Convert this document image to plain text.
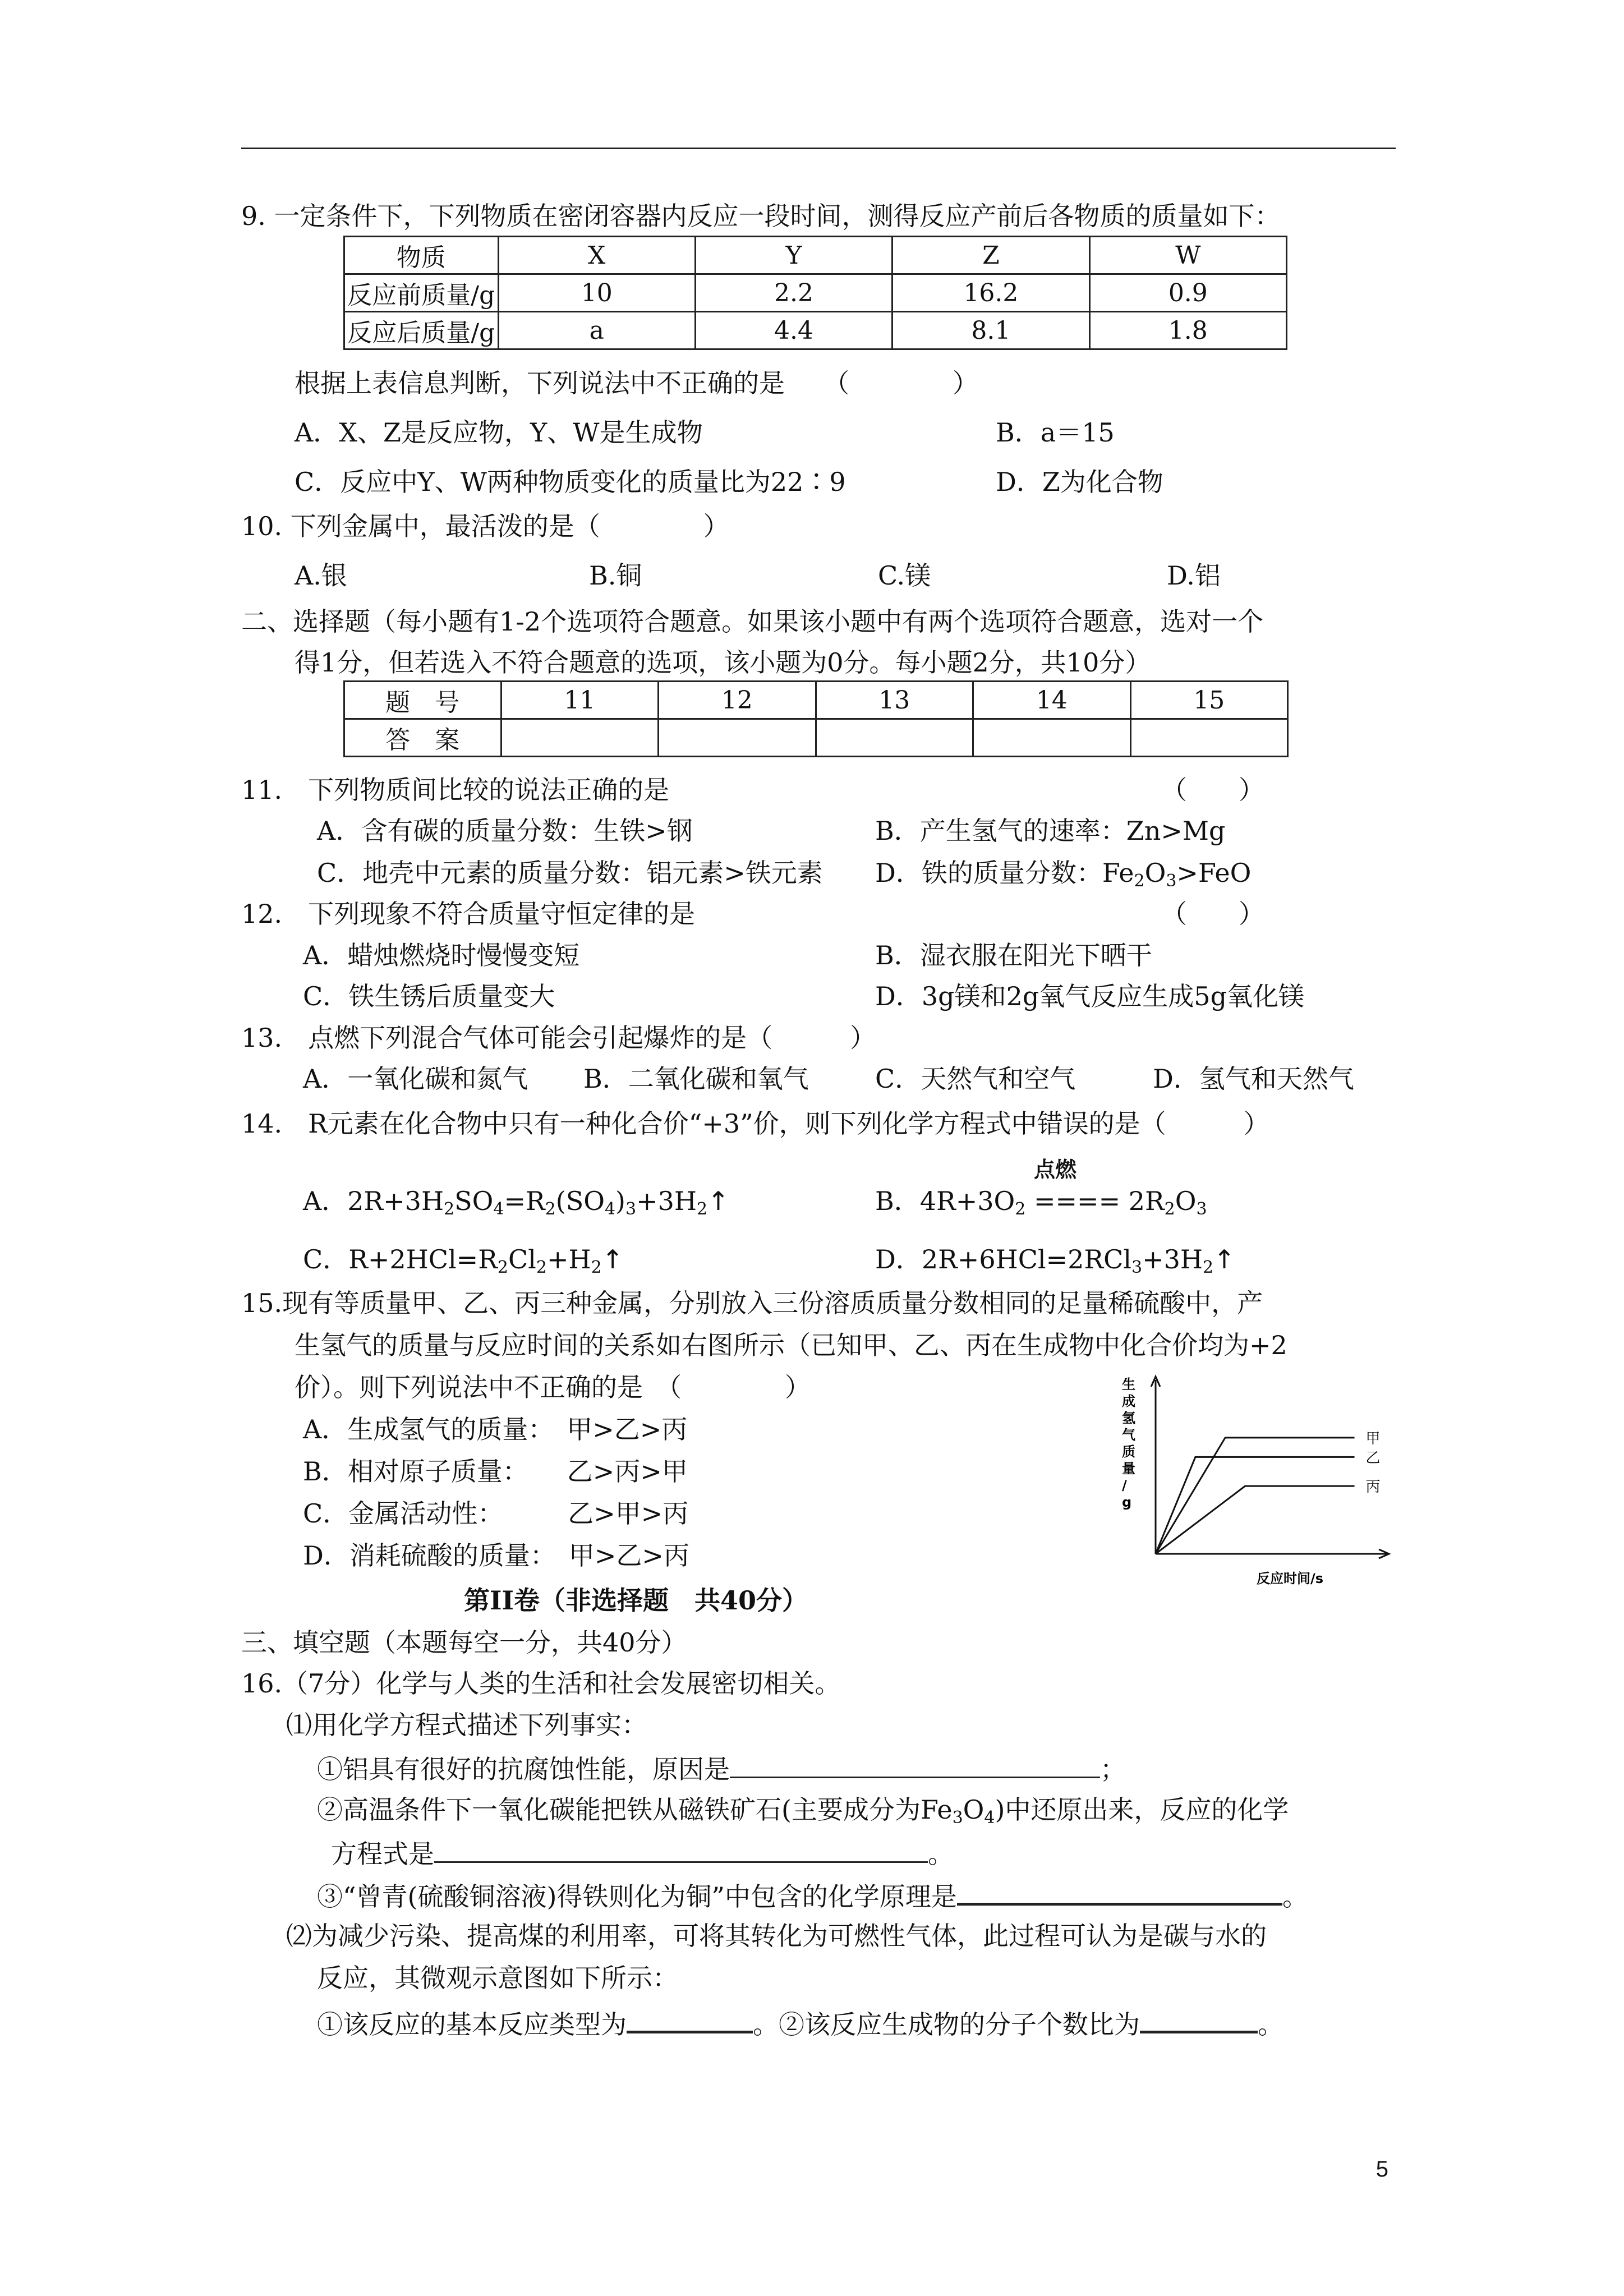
9. 一定条件下，下列物质在密闭容器内反应一段时间，测得反应产前后各物质的质量如下：
物质	X	Y	Z	W
反应前质量/g	10	2.2	16.2	0.9
反应后质量/g	a	4.4	8.1	1.8
根据上表信息判断，下列说法中不正确的是　　（　　　　）
A．X、Z是反应物，Y、W是生成物	B．a＝15
C．反应中Y、W两种物质变化的质量比为22∶9	D．Z为化合物
10. 下列金属中，最活泼的是（　　　　）
A.银	B.铜	C.镁	D.铝
二、选择题（每小题有1-2个选项符合题意。如果该小题中有两个选项符合题意，选对一个
得1分，但若选入不符合题意的选项，该小题为0分。每小题2分，共10分）
题　号	11	12	13	14	15
答　案					
11.　下列物质间比较的说法正确的是	（　　）
A．含有碳的质量分数：生铁>钢	B．产生氢气的速率：Zn>Mg
C．地壳中元素的质量分数：铝元素>铁元素 D．铁的质量分数：$Fe_2O_3>FeO$
12.　下列现象不符合质量守恒定律的是	（　　）
A．蜡烛燃烧时慢慢变短	B．湿衣服在阳光下晒干
C．铁生锈后质量变大	D．3g镁和2g氧气反应生成5g氧化镁
13.　点燃下列混合气体可能会引起爆炸的是（　　　）
A．一氧化碳和氮气 B．二氧化碳和氧气	C．天然气和空气	D．氢气和天然气
14.　R元素在化合物中只有一种化合价“+3”价，则下列化学方程式中错误的是（　　　）
A．$2R+3H_2SO_4=R_2(SO_4)_3+3H_2↑$	B．$4R+3O_2$
点燃
==== $2R_2O_3$
C．$R+2HCl=R_2Cl_2+H_2↑$	D．$2R+6HCl=2RCl_3+3H_2↑$
15.现有等质量甲、乙、丙三种金属，分别放入三份溶质质量分数相同的足量稀硫酸中，产
生氢气的质量与反应时间的关系如右图所示（已知甲、乙、丙在生成物中化合价均为+2
价）。则下列说法中不正确的是　（　　　　）
A．生成氢气的质量：　甲>乙>丙
B．相对原子质量：　　乙>丙>甲
C．金属活动性：　　　乙>甲>丙
D．消耗硫酸的质量：　甲>乙>丙
生
成
氢
气
质
量
/
g
反应时间/s
甲
乙
丙
第II卷（非选择题　共40分）
三、填空题（本题每空一分，共40分）
16.（7分）化学与人类的生活和社会发展密切相关。
⑴用化学方程式描述下列事实：
①铝具有很好的抗腐蚀性能，原因是	；
②高温条件下一氧化碳能把铁从磁铁矿石(主要成分为$Fe_3O_4$)中还原出来，反应的化学
方程式是	。
③“曾青(硫酸铜溶液)得铁则化为铜”中包含的化学原理是	。
⑵为减少污染、提高煤的利用率，可将其转化为可燃性气体，此过程可认为是碳与水的
反应，其微观示意图如下所示：
①该反应的基本反应类型为	。②该反应生成物的分子个数比为	。
5
